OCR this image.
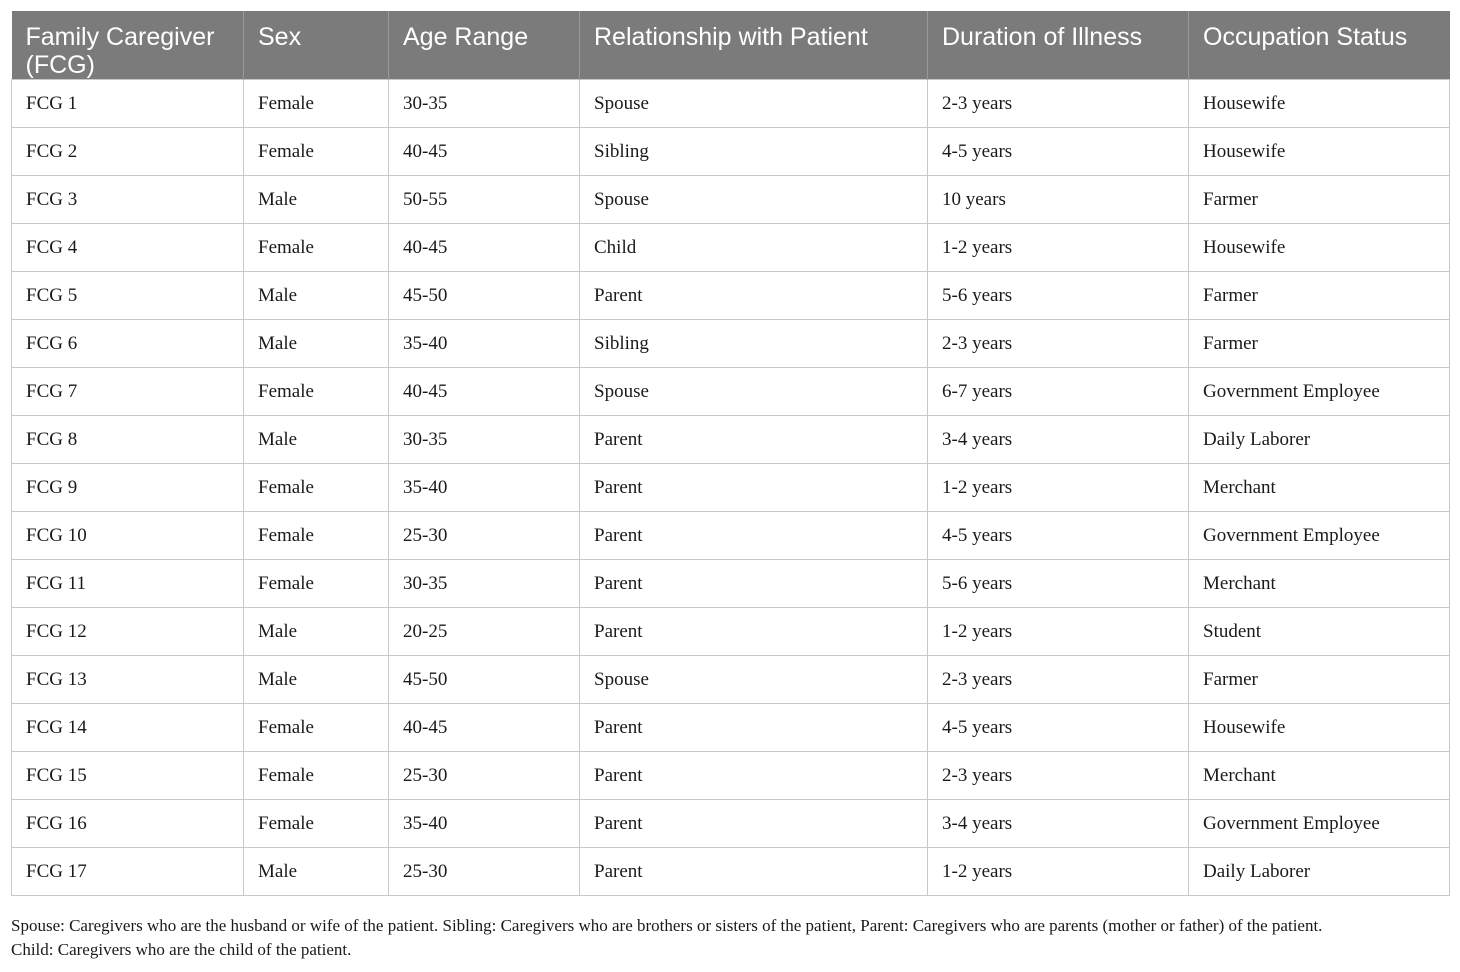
Family Caregiver (FCG)	Sex	Age Range	Relationship with Patient	Duration of Illness	Occupation Status
FCG 1	Female	30-35	Spouse	2-3 years	Housewife
FCG 2	Female	40-45	Sibling	4-5 years	Housewife
FCG 3	Male	50-55	Spouse	10 years	Farmer
FCG 4	Female	40-45	Child	1-2 years	Housewife
FCG 5	Male	45-50	Parent	5-6 years	Farmer
FCG 6	Male	35-40	Sibling	2-3 years	Farmer
FCG 7	Female	40-45	Spouse	6-7 years	Government Employee
FCG 8	Male	30-35	Parent	3-4 years	Daily Laborer
FCG 9	Female	35-40	Parent	1-2 years	Merchant
FCG 10	Female	25-30	Parent	4-5 years	Government Employee
FCG 11	Female	30-35	Parent	5-6 years	Merchant
FCG 12	Male	20-25	Parent	1-2 years	Student
FCG 13	Male	45-50	Spouse	2-3 years	Farmer
FCG 14	Female	40-45	Parent	4-5 years	Housewife
FCG 15	Female	25-30	Parent	2-3 years	Merchant
FCG 16	Female	35-40	Parent	3-4 years	Government Employee
FCG 17	Male	25-30	Parent	1-2 years	Daily Laborer
Spouse: Caregivers who are the husband or wife of the patient. Sibling: Caregivers who are brothers or sisters of the patient, Parent: Caregivers who are parents (mother or father) of the patient.
Child: Caregivers who are the child of the patient.
